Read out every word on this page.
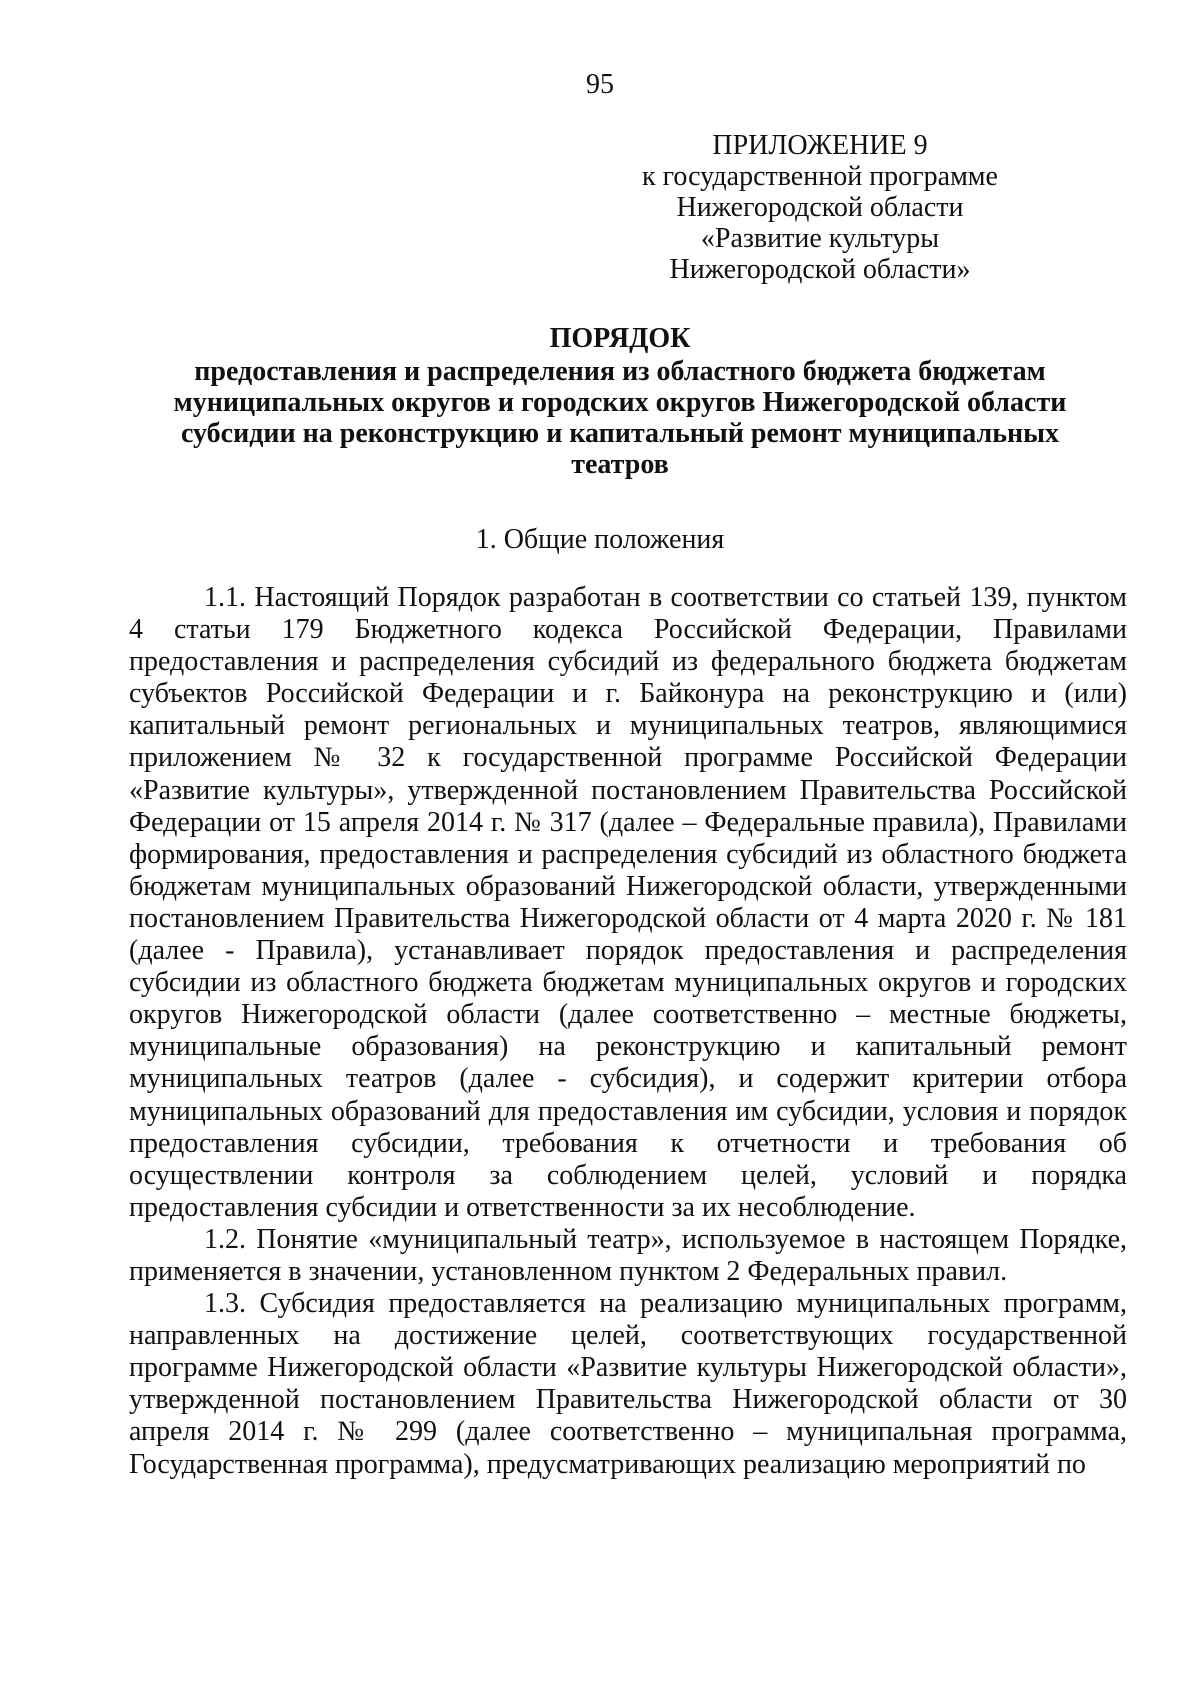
95
ПРИЛОЖЕНИЕ 9
к государственной программе
Нижегородской области
«Развитие культуры
Нижегородской области»
ПОРЯДОК
предоставления и распределения из областного бюджета бюджетам муниципальных округов и городских округов Нижегородской области субсидии на реконструкцию и капитальный ремонт муниципальных театров
1. Общие положения

1.1. Настоящий Порядок разработан в соответствии со статьей 139, пунктом 4 статьи 179 Бюджетного кодекса Российской Федерации, Правилами предоставления и распределения субсидий из федерального бюджета бюджетам субъектов Российской Федерации и г. Байконура на реконструкцию и (или) капитальный ремонт региональных и муниципальных театров, являющимися приложением № 32 к государственной программе Российской Федерации «Развитие культуры», утвержденной постановлением Правительства Российской Федерации от 15 апреля 2014 г. № 317 (далее – Федеральные правила), Правилами формирования, предоставления и распределения субсидий из областного бюджета бюджетам муниципальных образований Нижегородской области, утвержденными постановлением Правительства Нижегородской области от 4 марта 2020 г. № 181 (далее - Правила), устанавливает порядок предоставления и распределения субсидии из областного бюджета бюджетам муниципальных округов и городских округов Нижегородской области (далее соответственно – местные бюджеты, муниципальные образования) на реконструкцию и капитальный ремонт муниципальных театров (далее - субсидия), и содержит критерии отбора муниципальных образований для предоставления им субсидии, условия и порядок предоставления субсидии, требования к отчетности и требования об осуществлении контроля за соблюдением целей, условий и порядка предоставления субсидии и ответственности за их несоблюдение.

1.2. Понятие «муниципальный театр», используемое в настоящем Порядке, применяется в значении, установленном пунктом 2 Федеральных правил.

1.3. Субсидия предоставляется на реализацию муниципальных программ, направленных на достижение целей, соответствующих государственной программе Нижегородской области «Развитие культуры Нижегородской области», утвержденной постановлением Правительства Нижегородской области от 30 апреля 2014 г. № 299 (далее соответственно – муниципальная программа, Государственная программа), предусматривающих реализацию мероприятий по
